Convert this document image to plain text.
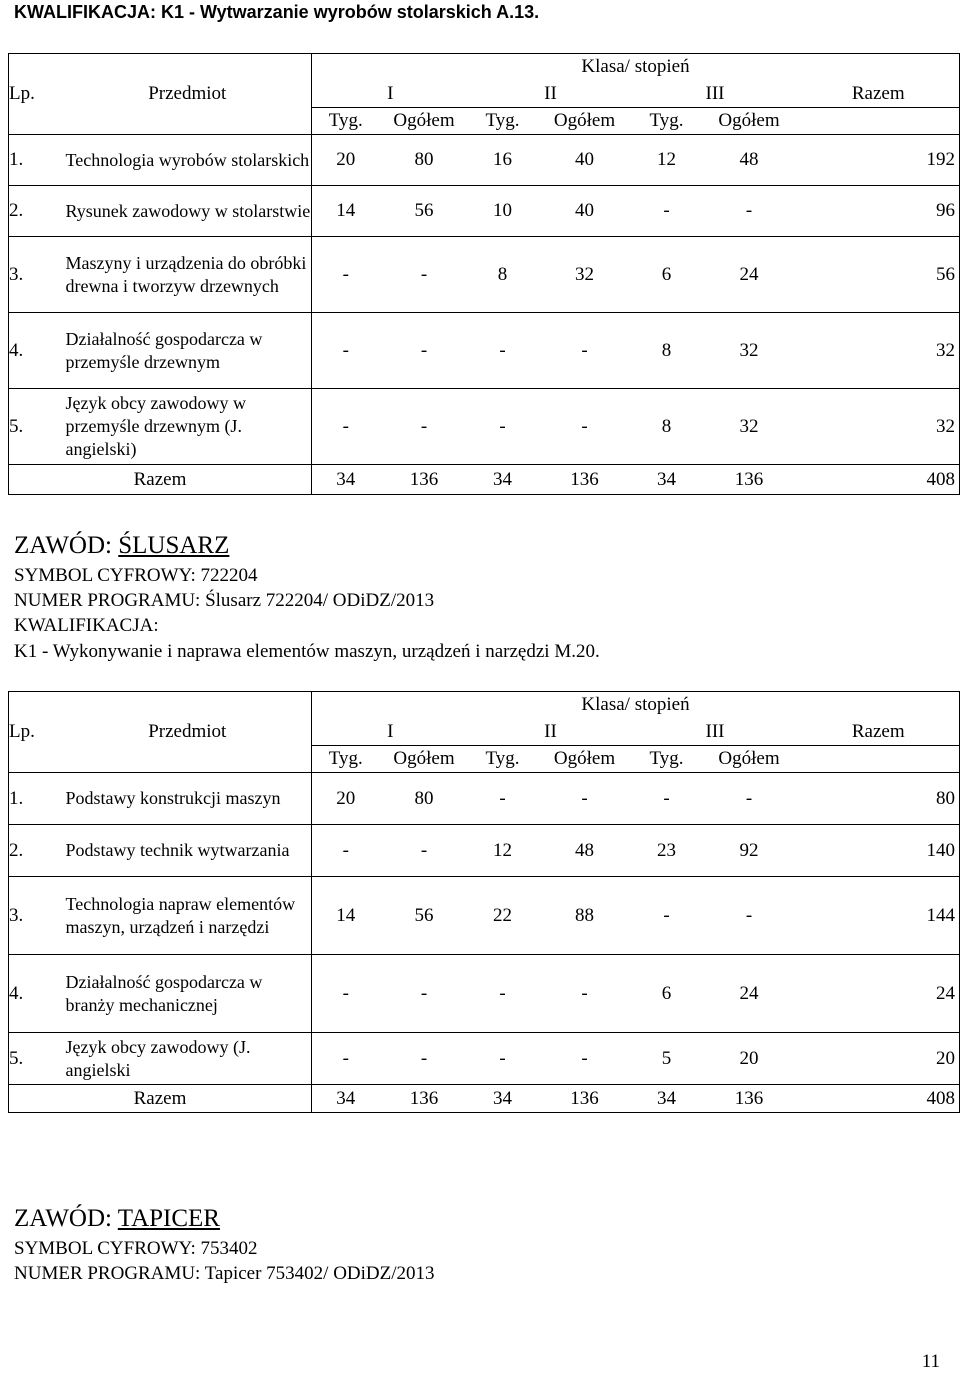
KWALIFIKACJA: K1 - Wytwarzanie wyrobów stolarskich A.13.
		Klasa/ stopień						
Lp.	Przedmiot	I		II		III		Razem
		Tyg.	Ogółem	Tyg.	Ogółem	Tyg.	Ogółem	
1.	Technologia wyrobów stolarskich	20	80	16	40	12	48	192
2.	Rysunek zawodowy w stolarstwie	14	56	10	40	-	-	96
3.	Maszyny i urządzenia do obróbki drewna i tworzyw drzewnych	-	-	8	32	6	24	56
4.	Działalność gospodarcza w przemyśle drzewnym	-	-	-	-	8	32	32
5.	Język obcy zawodowy w przemyśle drzewnym (J. angielski)	-	-	-	-	8	32	32
Razem		34	136	34	136	34	136	408
ZAWÓD: ŚLUSARZ
SYMBOL CYFROWY: 722204
NUMER PROGRAMU: Ślusarz 722204/ ODiDZ/2013
KWALIFIKACJA:
K1 - Wykonywanie i naprawa elementów maszyn, urządzeń i narzędzi M.20.
		Klasa/ stopień						
Lp.	Przedmiot	I		II		III		Razem
		Tyg.	Ogółem	Tyg.	Ogółem	Tyg.	Ogółem	
1.	Podstawy konstrukcji maszyn	20	80	-	-	-	-	80
2.	Podstawy technik wytwarzania	-	-	12	48	23	92	140
3.	Technologia napraw elementów maszyn, urządzeń i narzędzi	14	56	22	88	-	-	144
4.	Działalność gospodarcza w branży mechanicznej	-	-	-	-	6	24	24
5.	Język obcy zawodowy (J. angielski	-	-	-	-	5	20	20
Razem		34	136	34	136	34	136	408
ZAWÓD: TAPICER
SYMBOL CYFROWY: 753402
NUMER PROGRAMU: Tapicer 753402/ ODiDZ/2013
11
